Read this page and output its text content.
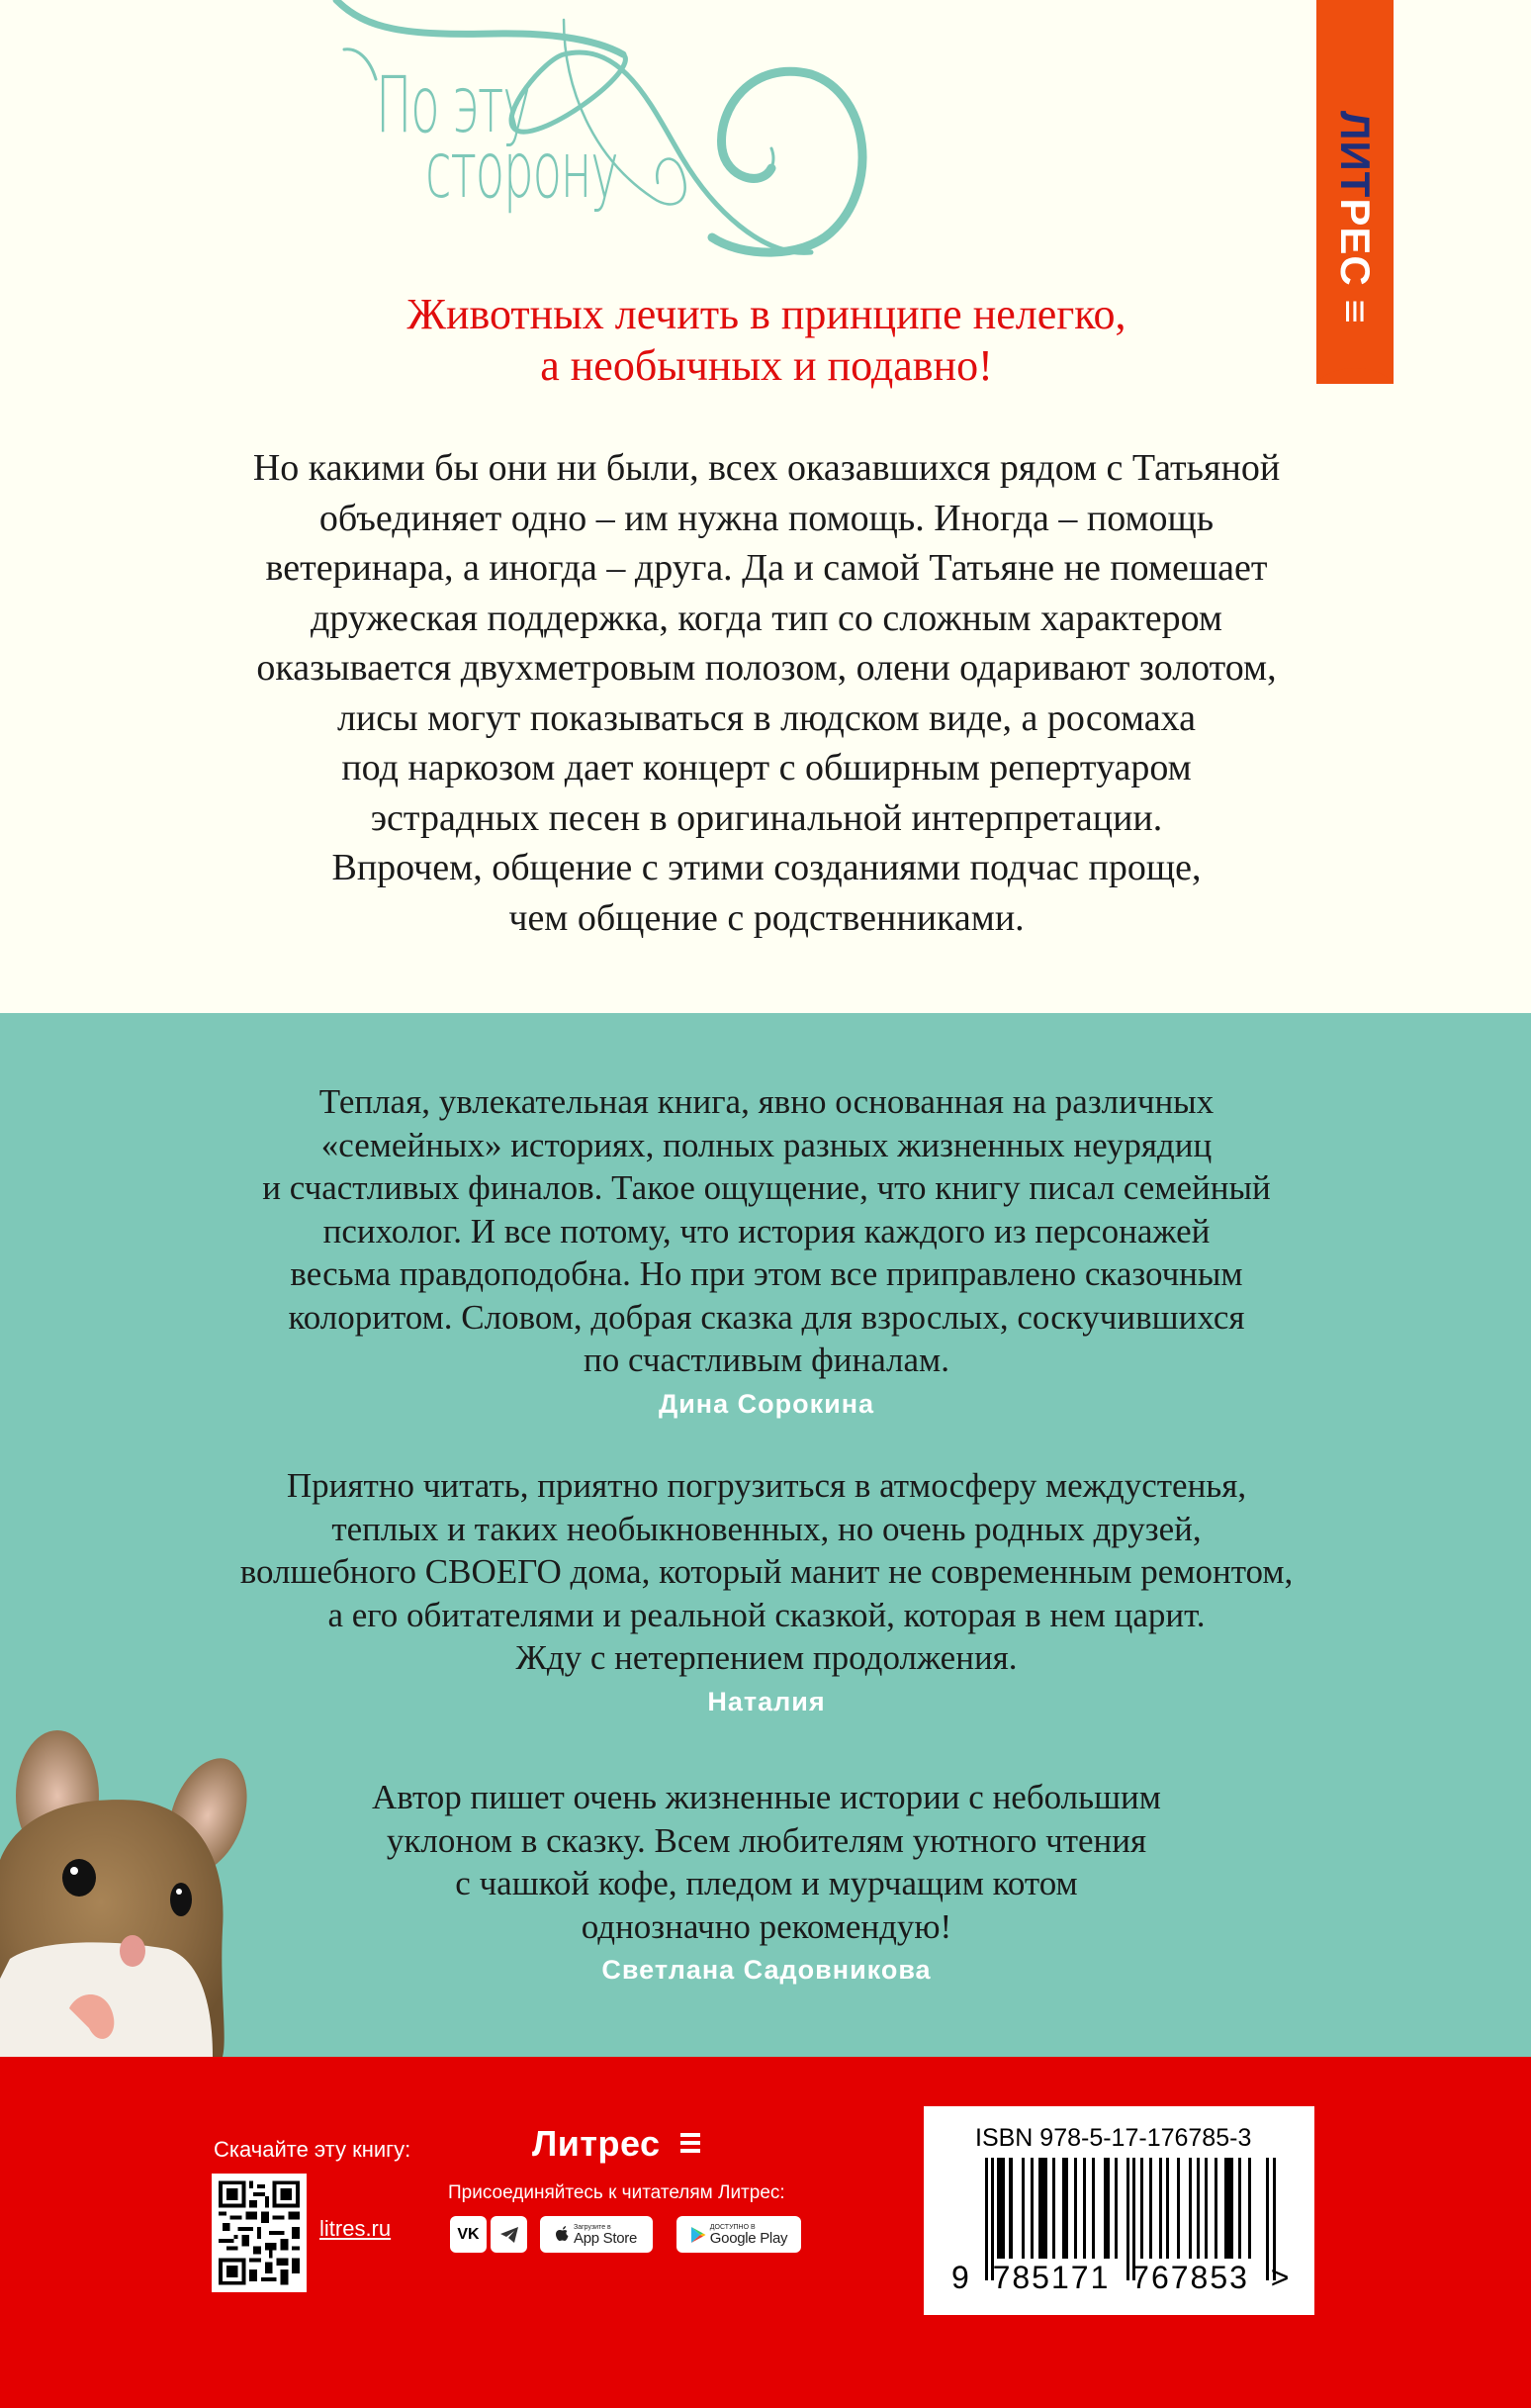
По эту
сторону	ЛИТРЕС ≡
Животных лечить в принципе нелегко,
а необычных и подавно!
Но какими бы они ни были, всех оказавшихся рядом с Татьяной
объединяет одно – им нужна помощь. Иногда – помощь
ветеринара, а иногда – друга. Да и самой Татьяне не помешает
дружеская поддержка, когда тип со сложным характером
оказывается двухметровым полозом, олени одаривают золотом,
лисы могут показываться в людском виде, а росомаха
под наркозом дает концерт с обширным репертуаром
эстрадных песен в оригинальной интерпретации.
Впрочем, общение с этими созданиями подчас проще,
чем общение с родственниками.
Теплая, увлекательная книга, явно основанная на различных
«семейных» историях, полных разных жизненных неурядиц
и счастливых финалов. Такое ощущение, что книгу писал семейный
психолог. И все потому, что история каждого из персонажей
весьма правдоподобна. Но при этом все приправлено сказочным
колоритом. Словом, добрая сказка для взрослых, соскучившихся
по счастливым финалам.
Дина Сорокина
Приятно читать, приятно погрузиться в атмосферу междустенья,
теплых и таких необыкновенных, но очень родных друзей,
волшебного СВОЕГО дома, который манит не современным ремонтом,
а его обитателями и реальной сказкой, которая в нем царит.
Жду с нетерпением продолжения.
Наталия
Автор пишет очень жизненные истории с небольшим
уклоном в сказку. Всем любителям уютного чтения
с чашкой кофе, пледом и мурчащим котом
однозначно рекомендую!
Светлана Садовникова
Скачайте эту книгу:	Литрес
litres.ru
Присоединяйтесь к читателям Литрес:
VK	Загрузите в
App Store
ДОСТУПНО В
Google Play
ISBN 978-5-17-176785-3
9  785171  767853  >
